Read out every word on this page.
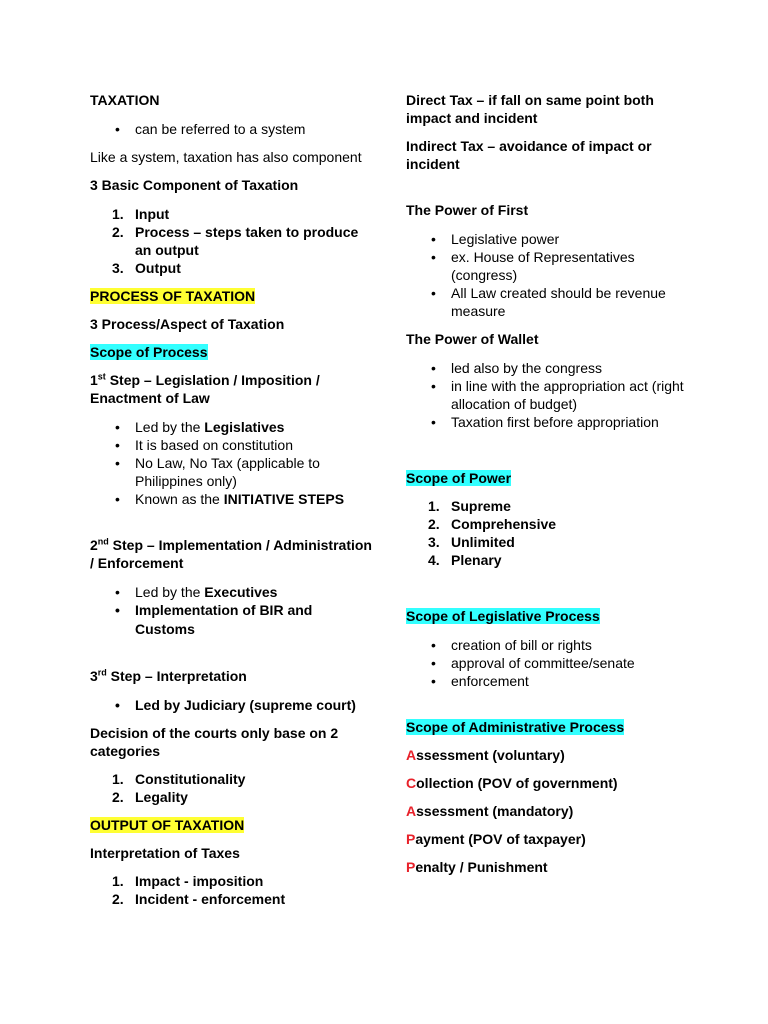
TAXATION

• can be referred to a system

Like a system, taxation has also component

3 Basic Component of Taxation

1. Input
2. Process – steps taken to produce an output
3. Output

PROCESS OF TAXATION

3 Process/Aspect of Taxation

Scope of Process

1st Step – Legislation / Imposition / Enactment of Law

• Led by the Legislatives
• It is based on constitution
• No Law, No Tax (applicable to Philippines only)
• Known as the INITIATIVE STEPS

2nd Step – Implementation / Administration / Enforcement

• Led by the Executives
• Implementation of BIR and Customs

3rd Step – Interpretation

• Led by Judiciary (supreme court)

Decision of the courts only base on 2 categories

1. Constitutionality
2. Legality

OUTPUT OF TAXATION

Interpretation of Taxes

1. Impact - imposition
2. Incident - enforcement

Direct Tax – if fall on same point both impact and incident

Indirect Tax – avoidance of impact or incident

The Power of First

• Legislative power
• ex. House of Representatives (congress)
• All Law created should be revenue measure

The Power of Wallet

• led also by the congress
• in line with the appropriation act (right allocation of budget)
• Taxation first before appropriation

Scope of Power

1. Supreme
2. Comprehensive
3. Unlimited
4. Plenary

Scope of Legislative Process

• creation of bill or rights
• approval of committee/senate
• enforcement

Scope of Administrative Process

Assessment (voluntary)

Collection (POV of government)

Assessment (mandatory)

Payment (POV of taxpayer)

Penalty / Punishment
